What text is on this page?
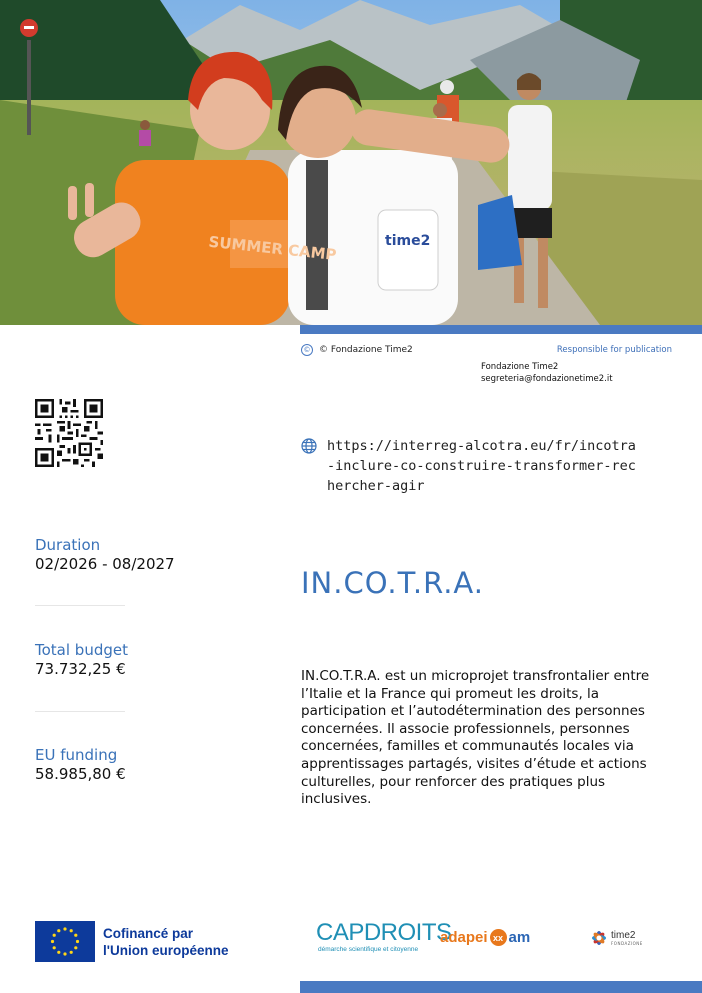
SUMMER CAMP	time2
© © Fondazione Time2	Responsible for publication
Fondazione Time2
segreteria@fondazionetime2.it
https://interreg-alcotra.eu/fr/incotra-inclure-co-construire-transformer-rechercher-agir
Duration
02/2026 - 08/2027
Total budget
73.732,25 €
EU funding
58.985,80 €
IN.CO.T.R.A.
IN.CO.T.R.A. est un microprojet transfrontalier entre l’Italie et la France qui promeut les droits, la participation et l’autodétermination des personnes concernées. Il associe professionnels, personnes concernées, familles et communautés locales via apprentissages partagés, visites d’étude et actions culturelles, pour renforcer des pratiques plus inclusives.
Cofinancé par
l'Union européenne
CAPDROITS
démarche scientifique et citoyenne
adapei xx am	time2
FONDAZIONE
